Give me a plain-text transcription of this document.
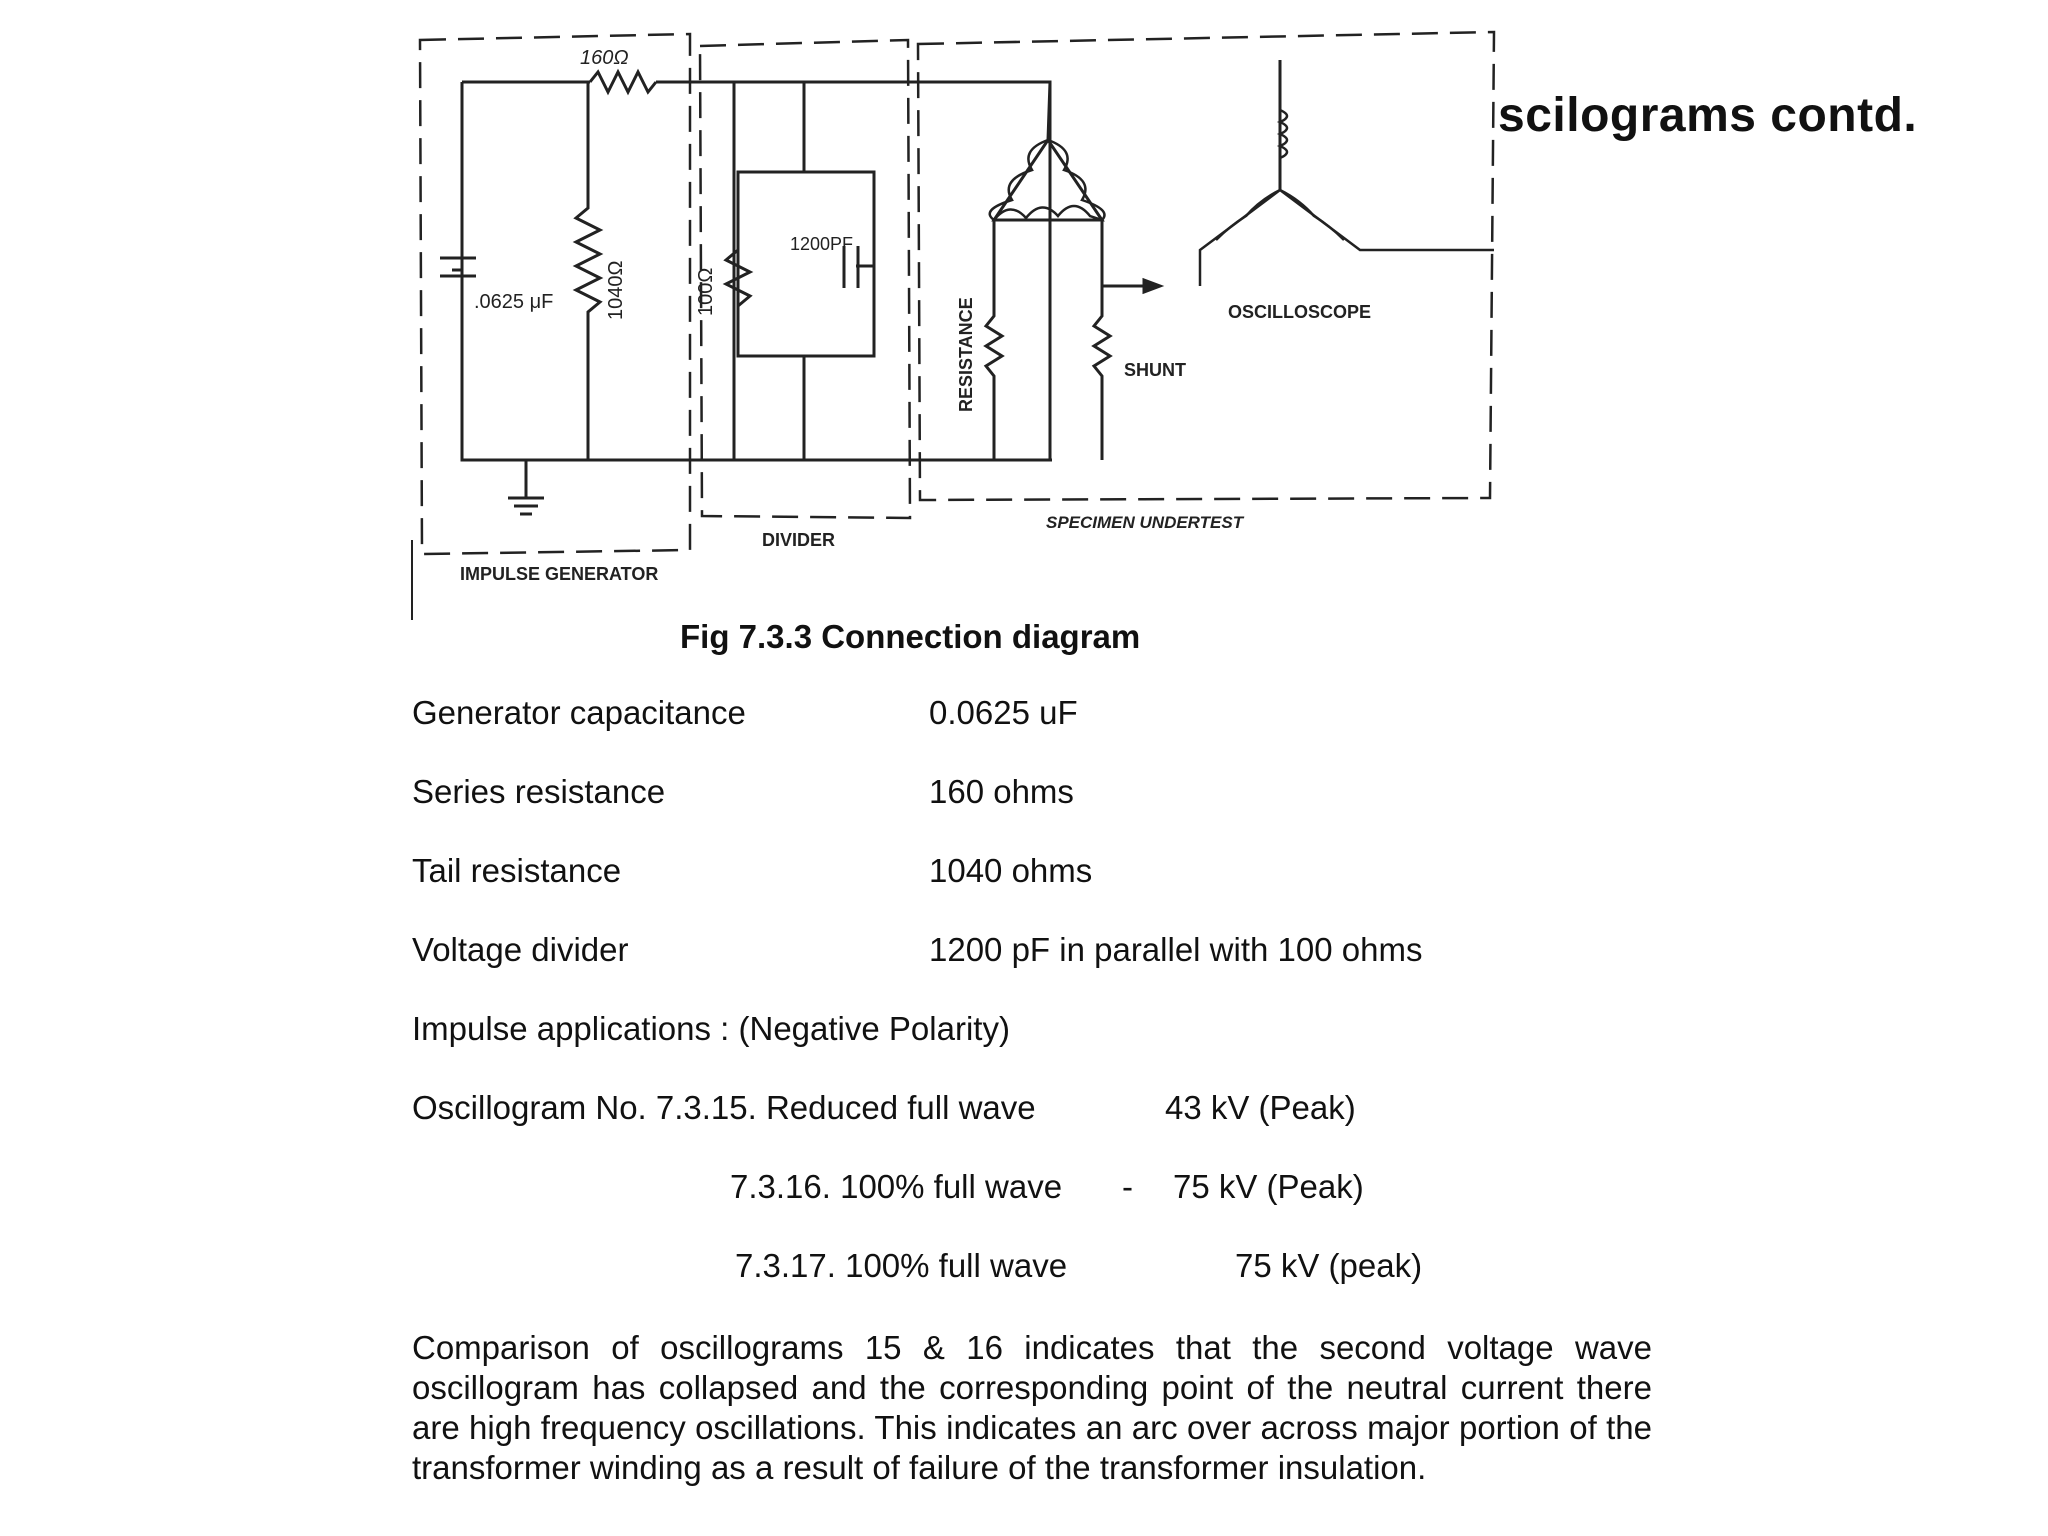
scilograms contd.
160Ω
.0625 μF	1040Ω	100Ω
1200PF
RESISTANCE	SHUNT
OSCILLOSCOPE
IMPULSE GENERATOR
DIVIDER
SPECIMEN UNDERTEST
Fig 7.3.3 Connection diagram
Generator capacitance	0.0625 uF
Series resistance	160 ohms
Tail resistance	1040 ohms
Voltage divider	1200 pF in parallel with 100 ohms
Impulse applications : (Negative Polarity)
Oscillogram No. 7.3.15. Reduced full wave	43 kV (Peak)
7.3.16. 100% full wave - 75 kV (Peak)
7.3.17. 100% full wave	75 kV (peak)
Comparison of oscillograms 15 & 16 indicates that the second voltage wave oscillogram has collapsed and the corresponding point of the neutral current there are high frequency oscillations. This indicates an arc over across major portion of the transformer winding as a result of failure of the transformer insulation.
